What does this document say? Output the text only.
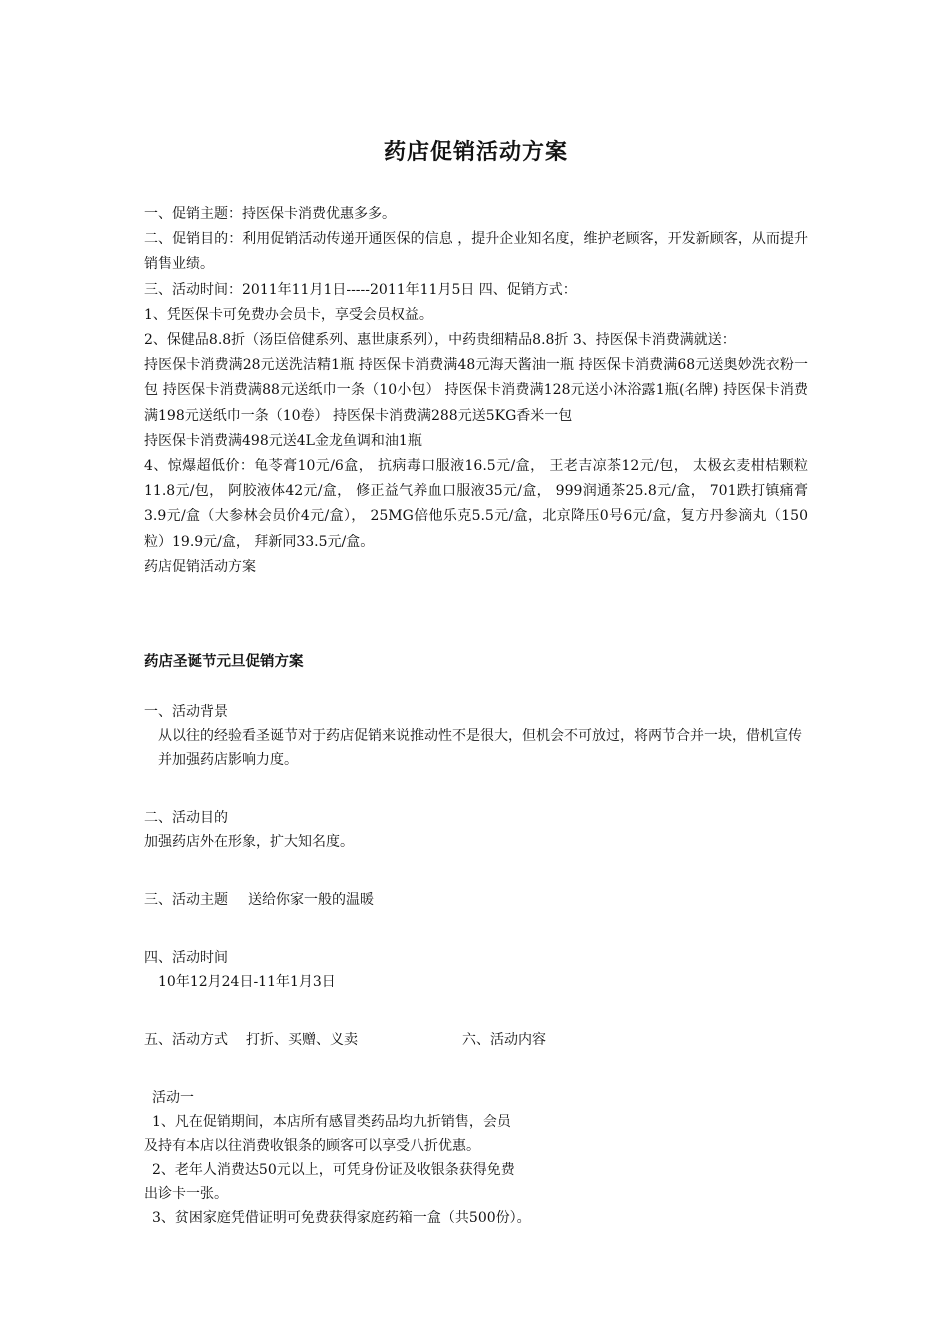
药店促销活动方案

一、促销主题：持医保卡消费优惠多多。

二、促销目的：利用促销活动传递开通医保的信息 ，提升企业知名度，维护老顾客，开发新顾客，从而提升销售业绩。

三、活动时间：2011年11月1日-----2011年11月5日 四、促销方式：

1、凭医保卡可免费办会员卡，享受会员权益。

2、保健品8.8折（汤臣倍健系列、惠世康系列），中药贵细精品8.8折 3、持医保卡消费满就送：

持医保卡消费满28元送洗洁精1瓶 持医保卡消费满48元海天酱油一瓶 持医保卡消费满68元送奥妙洗衣粉一包 持医保卡消费满88元送纸巾一条（10小包） 持医保卡消费满128元送小沐浴露1瓶(名牌) 持医保卡消费满198元送纸巾一条（10卷） 持医保卡消费满288元送5KG香米一包

持医保卡消费满498元送4L金龙鱼调和油1瓶

4、惊爆超低价：龟苓膏10元/6盒， 抗病毒口服液16.5元/盒， 王老吉凉茶12元/包， 太极玄麦柑桔颗粒11.8元/包， 阿胶液体42元/盒， 修正益气养血口服液35元/盒， 999润通茶25.8元/盒， 701跌打镇痛膏3.9元/盒（大参林会员价4元/盒）， 25MG倍他乐克5.5元/盒，北京降压0号6元/盒，复方丹参滴丸（150粒）19.9元/盒， 拜新同33.5元/盒。

药店促销活动方案

药店圣诞节元旦促销方案

一、活动背景

从以往的经验看圣诞节对于药店促销来说推动性不是很大，但机会不可放过，将两节合并一块，借机宣传并加强药店影响力度。

二、活动目的

加强药店外在形象，扩大知名度。

三、活动主题 送给你家一般的温暖

四、活动时间

10年12月24日-11年1月3日

五、活动方式 打折、买赠、义卖	六、活动内容

活动一

1、凡在促销期间，本店所有感冒类药品均九折销售，会员

及持有本店以往消费收银条的顾客可以享受八折优惠。

2、老年人消费达50元以上，可凭身份证及收银条获得免费

出诊卡一张。

3、贫困家庭凭借证明可免费获得家庭药箱一盒（共500份）。
